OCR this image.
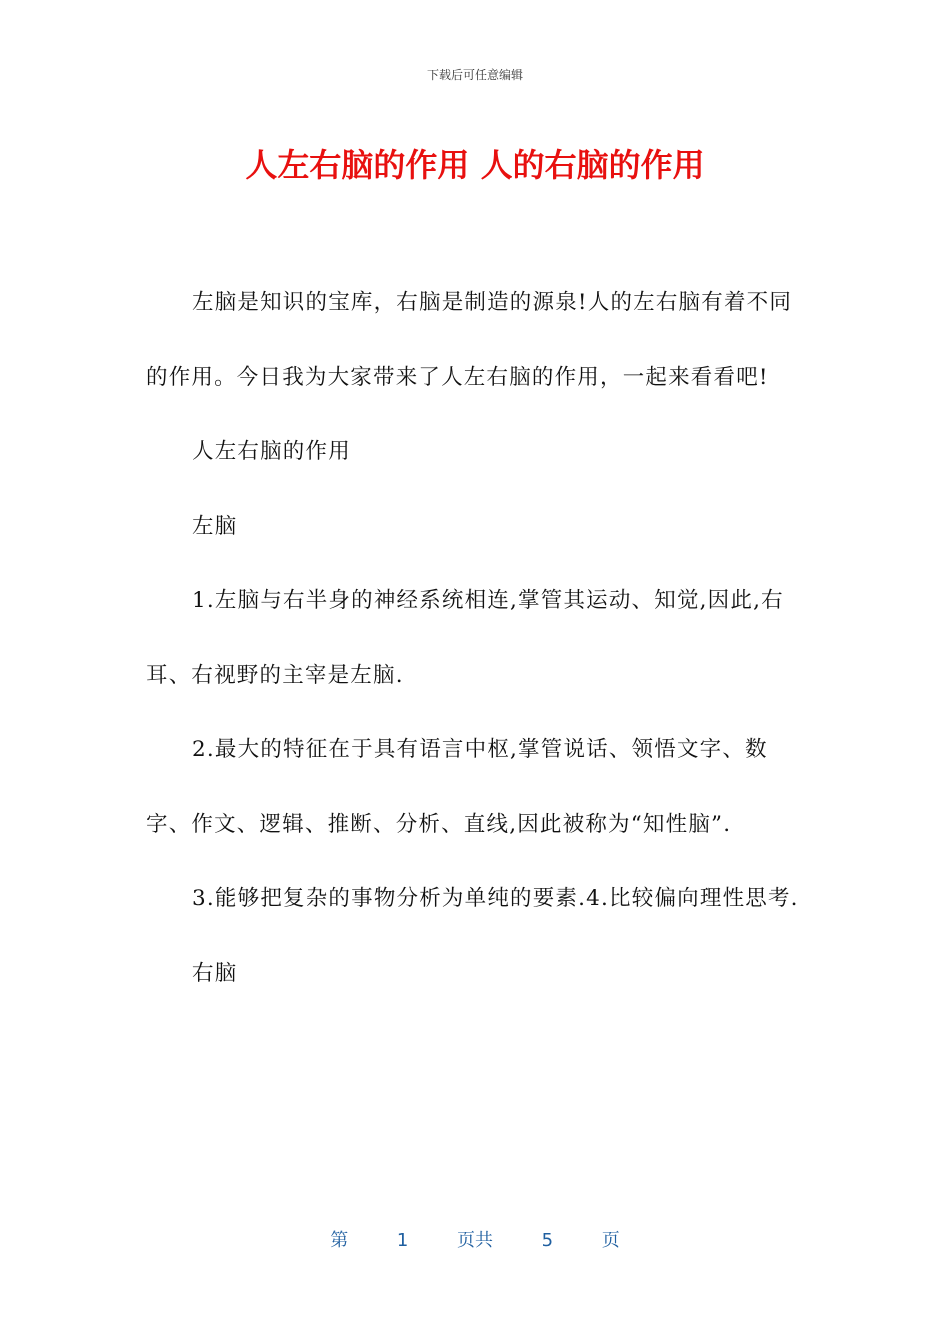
下载后可任意编辑
人左右脑的作用 人的右脑的作用

左脑是知识的宝库，右脑是制造的源泉!人的左右脑有着不同的作用。今日我为大家带来了人左右脑的作用，一起来看看吧!

人左右脑的作用

左脑

1.左脑与右半身的神经系统相连,掌管其运动、知觉,因此,右耳、右视野的主宰是左脑.

2.最大的特征在于具有语言中枢,掌管说话、领悟文字、数字、作文、逻辑、推断、分析、直线,因此被称为“知性脑”.

3.能够把复杂的事物分析为单纯的要素.4.比较偏向理性思考.

右脑

第	1	页共	5	页
